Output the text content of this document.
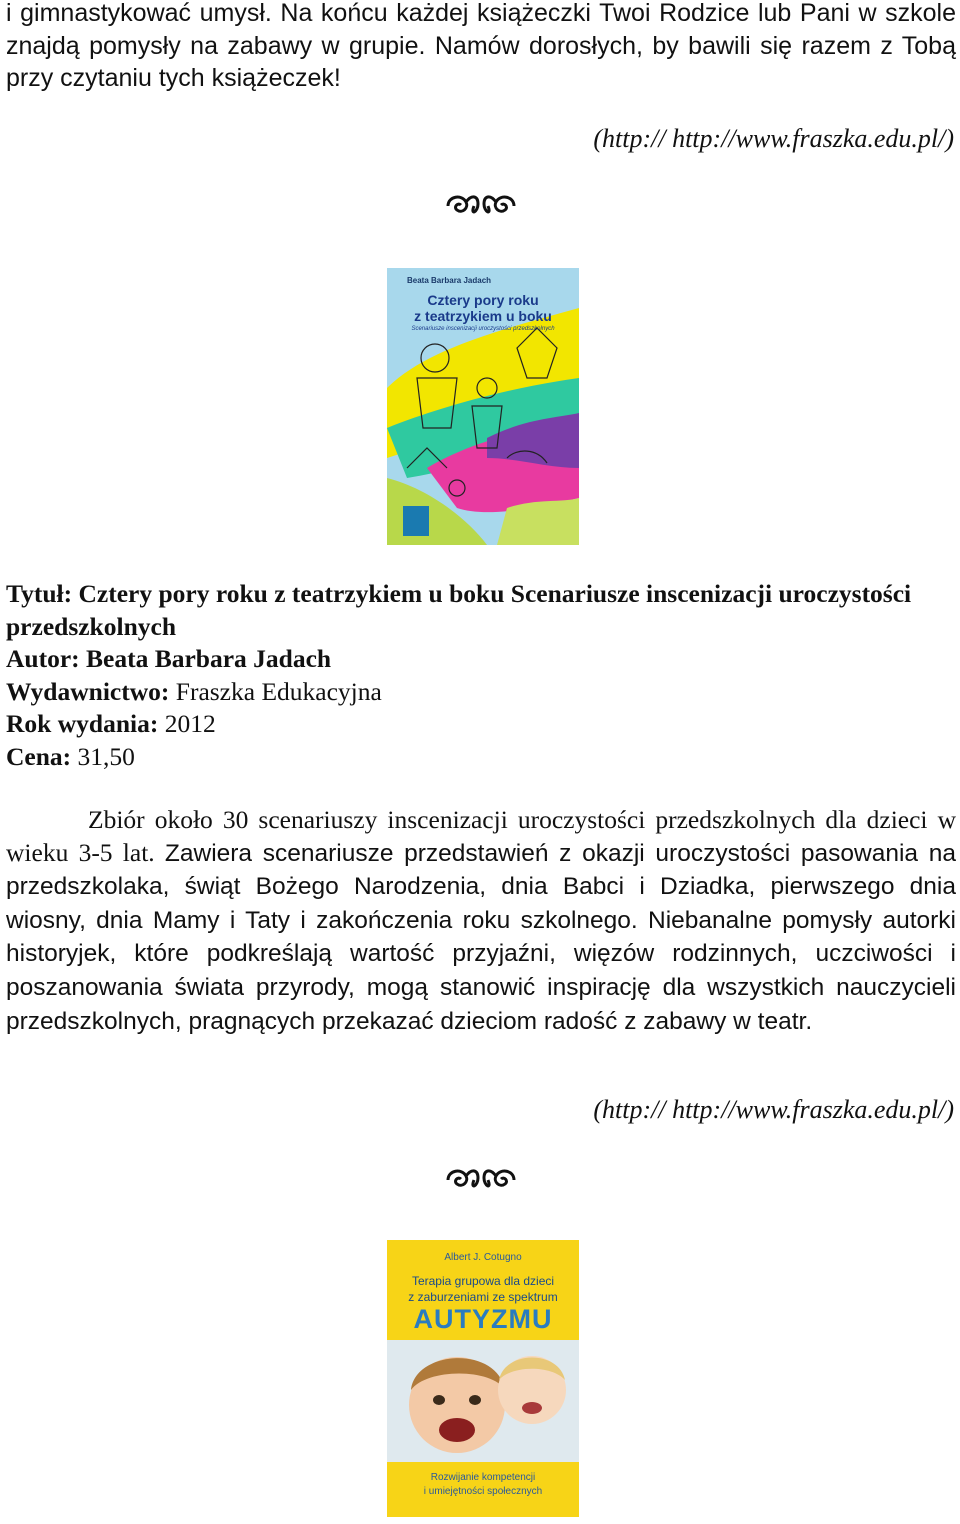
i gimnastykować umysł. Na końcu każdej książeczki Twoi Rodzice lub Pani w szkole znajdą pomysły na zabawy w grupie. Namów dorosłych, by bawili się razem z Tobą przy czytaniu tych książeczek!

(http:// http://www.fraszka.edu.pl/)

Beata Barbara Jadach
Cztery pory roku
z teatrzykiem u boku
Scenariusze inscenizacji uroczystości przedszkolnych

Tytuł: Cztery pory roku z teatrzykiem u boku Scenariusze inscenizacji uroczystości przedszkolnych

Autor: Beata Barbara Jadach

Wydawnictwo: Fraszka Edukacyjna

Rok wydania: 2012

Cena: 31,50

Zbiór około 30 scenariuszy inscenizacji uroczystości przedszkolnych dla dzieci w wieku 3-5 lat. Zawiera scenariusze przedstawień z okazji uroczystości pasowania na przedszkolaka, świąt Bożego Narodzenia, dnia Babci i Dziadka, pierwszego dnia wiosny, dnia Mamy i Taty i zakończenia roku szkolnego. Niebanalne pomysły autorki historyjek, które podkreślają wartość przyjaźni, więzów rodzinnych, uczciwości i poszanowania świata przyrody, mogą stanowić inspirację dla wszystkich nauczycieli przedszkolnych, pragnących przekazać dzieciom radość z zabawy w teatr.

(http:// http://www.fraszka.edu.pl/)

Albert J. Cotugno
Terapia grupowa dla dzieci
z zaburzeniami ze spektrum
AUTYZMU
Rozwijanie kompetencji
i umiejętności społecznych
